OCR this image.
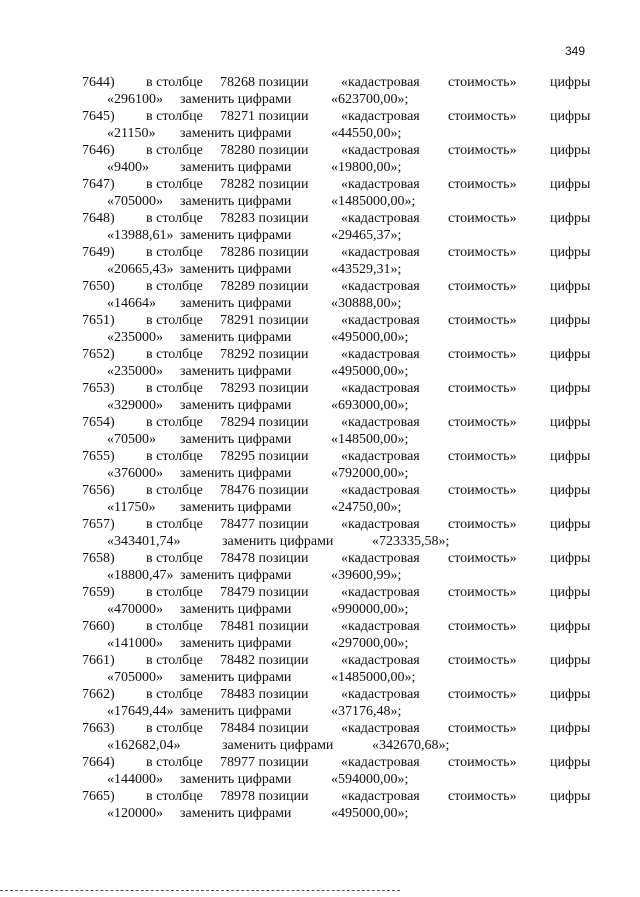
349
7644) в столбце 78268 позиции «кадастровая стоимость» цифры
«296100» заменить цифрами	«623700,00»;
7645) в столбце 78271 позиции «кадастровая стоимость» цифры
«21150» заменить цифрами	«44550,00»;
7646) в столбце 78280 позиции «кадастровая стоимость» цифры
«9400» заменить цифрами	«19800,00»;
7647) в столбце 78282 позиции «кадастровая стоимость» цифры
«705000» заменить цифрами	«1485000,00»;
7648) в столбце 78283 позиции «кадастровая стоимость» цифры
«13988,61» заменить цифрами	«29465,37»;
7649) в столбце 78286 позиции «кадастровая стоимость» цифры
«20665,43» заменить цифрами	«43529,31»;
7650) в столбце 78289 позиции «кадастровая стоимость» цифры
«14664» заменить цифрами	«30888,00»;
7651) в столбце 78291 позиции «кадастровая стоимость» цифры
«235000» заменить цифрами	«495000,00»;
7652) в столбце 78292 позиции «кадастровая стоимость» цифры
«235000» заменить цифрами	«495000,00»;
7653) в столбце 78293 позиции «кадастровая стоимость» цифры
«329000» заменить цифрами	«693000,00»;
7654) в столбце 78294 позиции «кадастровая стоимость» цифры
«70500» заменить цифрами	«148500,00»;
7655) в столбце 78295 позиции «кадастровая стоимость» цифры
«376000» заменить цифрами	«792000,00»;
7656) в столбце 78476 позиции «кадастровая стоимость» цифры
«11750» заменить цифрами	«24750,00»;
7657) в столбце 78477 позиции «кадастровая стоимость» цифры
«343401,74»	заменить цифрами	«723335,58»;
7658) в столбце 78478 позиции «кадастровая стоимость» цифры
«18800,47» заменить цифрами	«39600,99»;
7659) в столбце 78479 позиции «кадастровая стоимость» цифры
«470000» заменить цифрами	«990000,00»;
7660) в столбце 78481 позиции «кадастровая стоимость» цифры
«141000» заменить цифрами	«297000,00»;
7661) в столбце 78482 позиции «кадастровая стоимость» цифры
«705000» заменить цифрами	«1485000,00»;
7662) в столбце 78483 позиции «кадастровая стоимость» цифры
«17649,44» заменить цифрами	«37176,48»;
7663) в столбце 78484 позиции «кадастровая стоимость» цифры
«162682,04»	заменить цифрами	«342670,68»;
7664) в столбце 78977 позиции «кадастровая стоимость» цифры
«144000» заменить цифрами	«594000,00»;
7665) в столбце 78978 позиции «кадастровая стоимость» цифры
«120000» заменить цифрами	«495000,00»;
